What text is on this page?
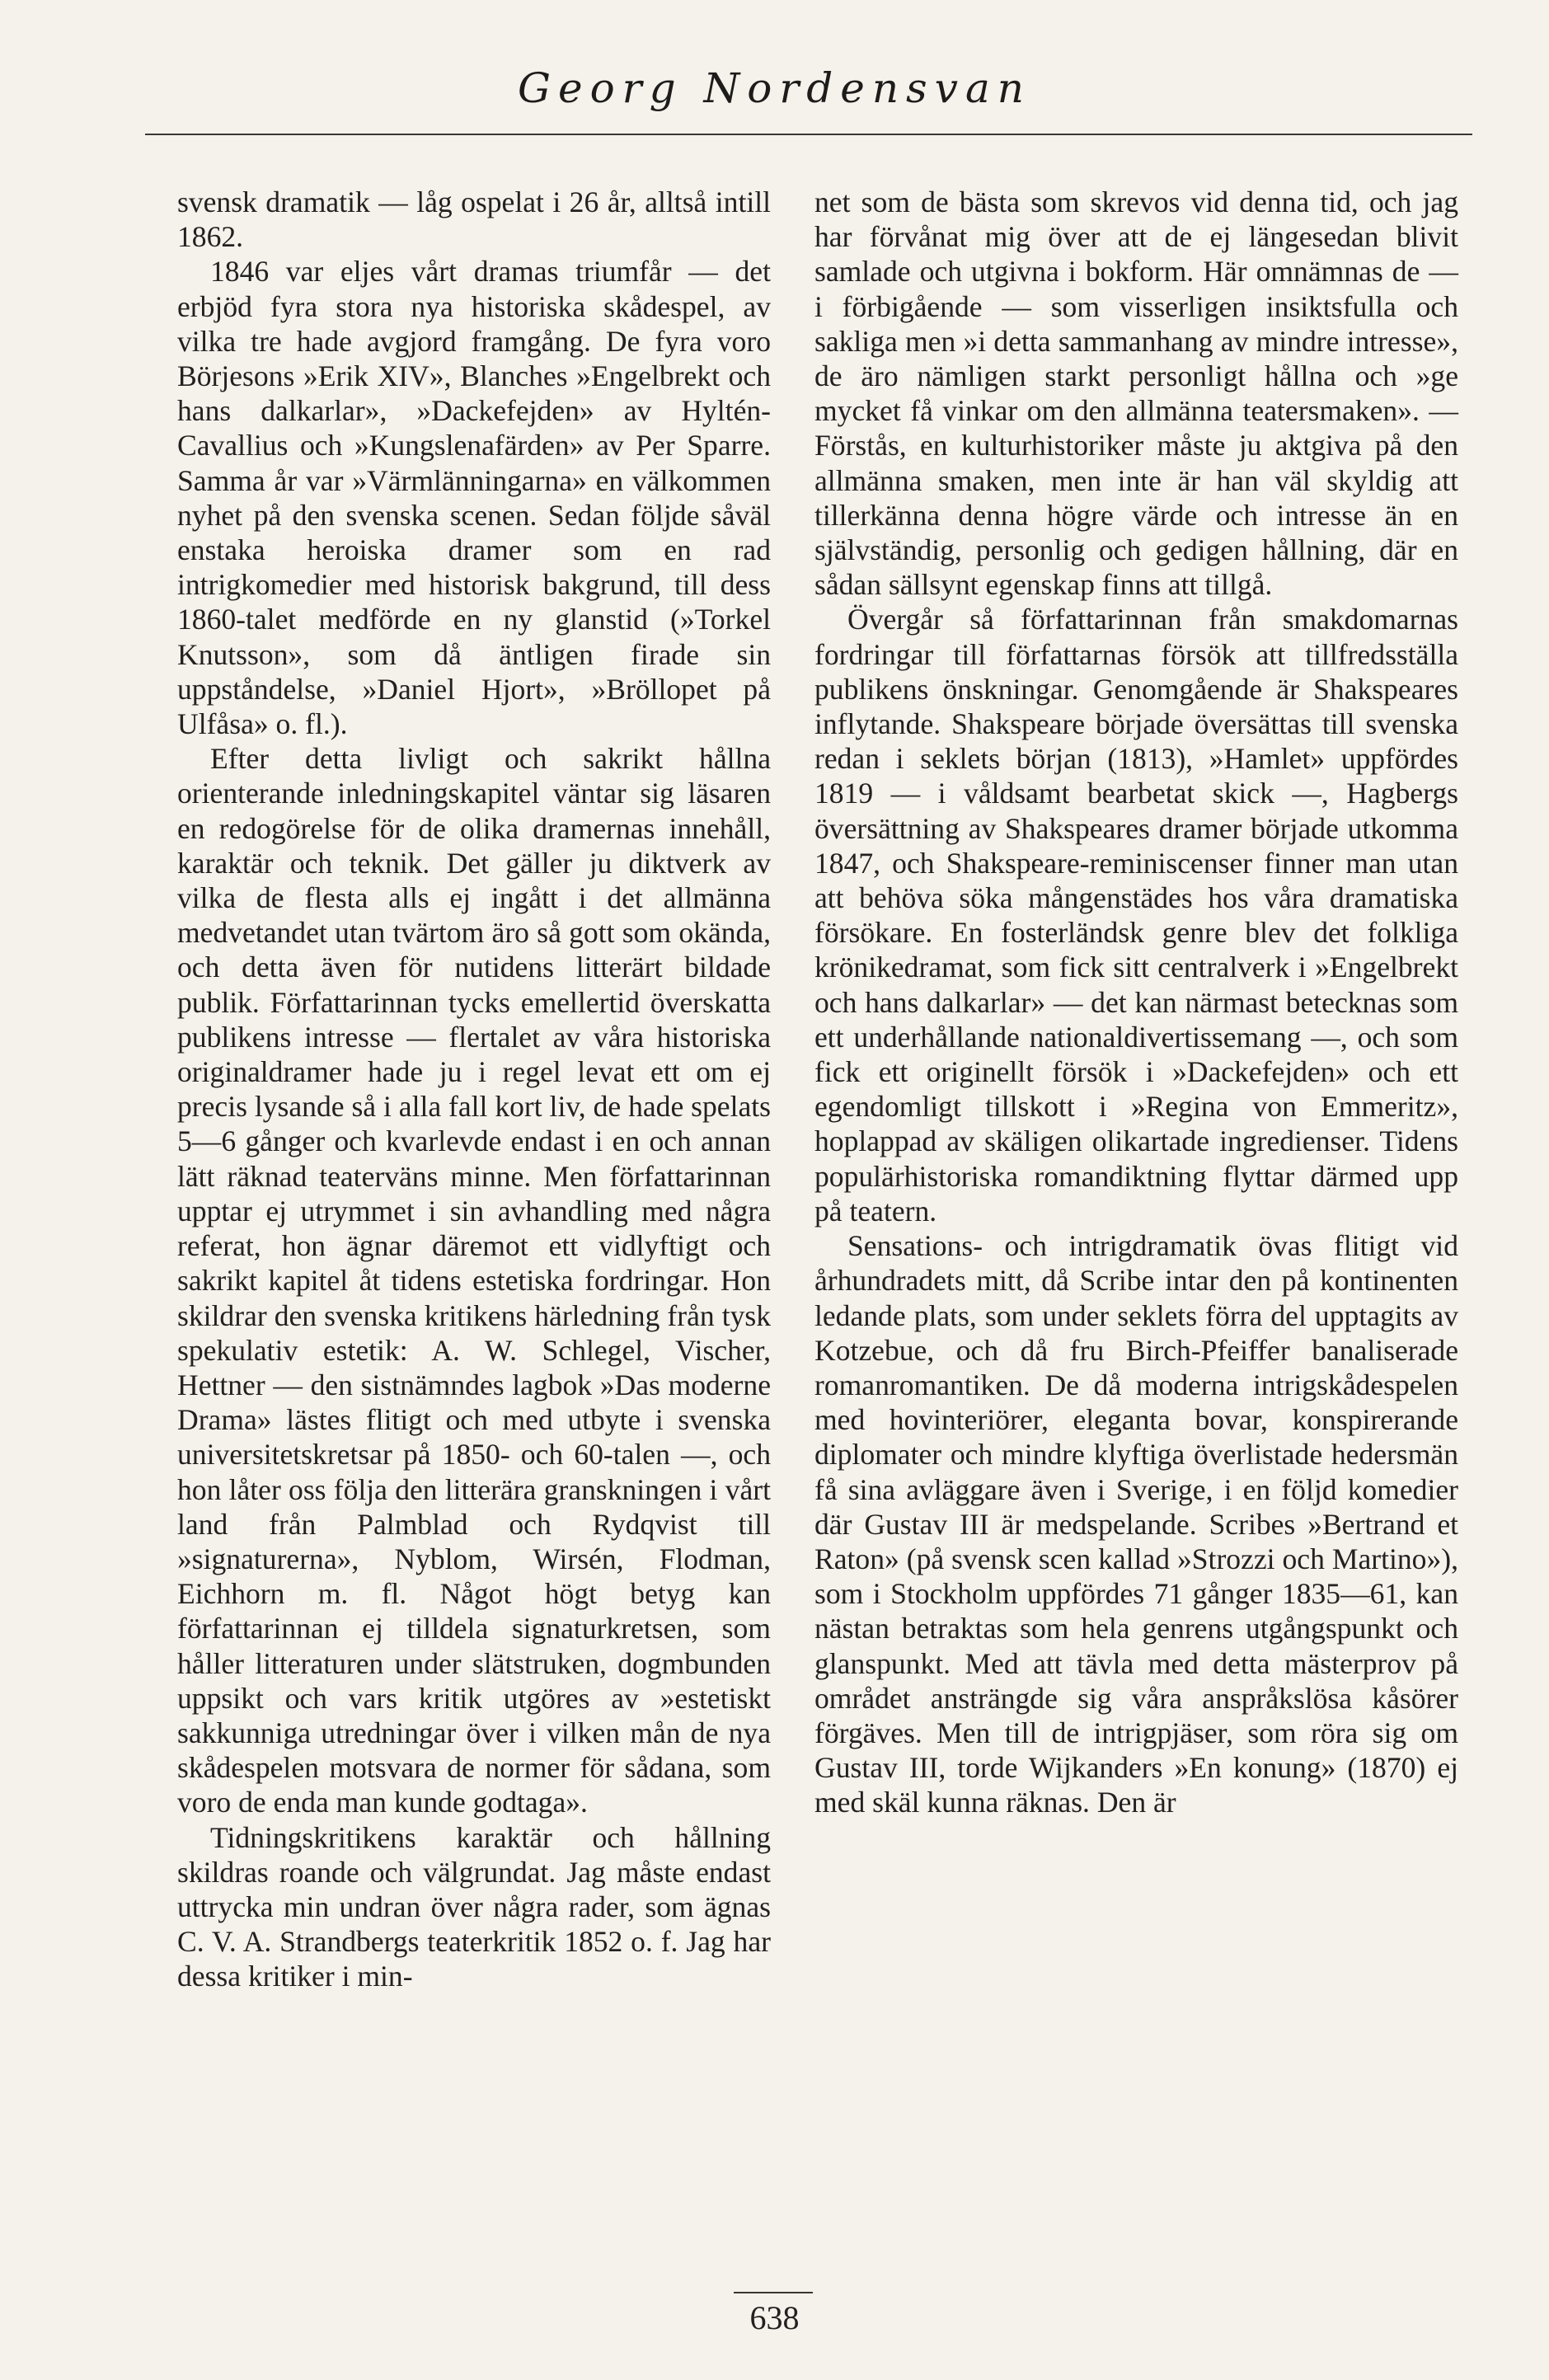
Georg Nordensvan

svensk dramatik — låg ospelat i 26 år, alltså intill 1862.

1846 var eljes vårt dramas triumfår — det erbjöd fyra stora nya historiska skådespel, av vilka tre hade avgjord framgång. De fyra voro Börjesons »Erik XIV», Blanches »Engelbrekt och hans dalkarlar», »Dackefejden» av Hyltén-Cavallius och »Kungslenafärden» av Per Sparre. Samma år var »Värmlänningarna» en välkommen nyhet på den svenska scenen. Sedan följde såväl enstaka heroiska dramer som en rad intrigkomedier med historisk bakgrund, till dess 1860-talet medförde en ny glanstid (»Torkel Knutsson», som då äntligen firade sin uppståndelse, »Daniel Hjort», »Bröllopet på Ulfåsa» o. fl.).

Efter detta livligt och sakrikt hållna orienterande inledningskapitel väntar sig läsaren en redogörelse för de olika dramernas innehåll, karaktär och teknik. Det gäller ju diktverk av vilka de flesta alls ej ingått i det allmänna medvetandet utan tvärtom äro så gott som okända, och detta även för nutidens litterärt bildade publik. Författarinnan tycks emellertid överskatta publikens intresse — flertalet av våra historiska originaldramer hade ju i regel levat ett om ej precis lysande så i alla fall kort liv, de hade spelats 5—6 gånger och kvarlevde endast i en och annan lätt räknad teaterväns minne. Men författarinnan upptar ej utrymmet i sin avhandling med några referat, hon ägnar däremot ett vidlyftigt och sakrikt kapitel åt tidens estetiska fordringar. Hon skildrar den svenska kritikens härledning från tysk spekulativ estetik: A. W. Schlegel, Vischer, Hettner — den sistnämndes lagbok »Das moderne Drama» lästes flitigt och med utbyte i svenska universitetskretsar på 1850- och 60-talen —, och hon låter oss följa den litterära granskningen i vårt land från Palmblad och Rydqvist till »signaturerna», Nyblom, Wirsén, Flodman, Eichhorn m. fl. Något högt betyg kan författarinnan ej tilldela signaturkretsen, som håller litteraturen under slätstruken, dogmbunden uppsikt och vars kritik utgöres av »estetiskt sakkunniga utredningar över i vilken mån de nya skådespelen motsvara de normer för sådana, som voro de enda man kunde godtaga».

Tidningskritikens karaktär och hållning skildras roande och välgrundat. Jag måste endast uttrycka min undran över några rader, som ägnas C. V. A. Strandbergs teaterkritik 1852 o. f. Jag har dessa kritiker i min-

net som de bästa som skrevos vid denna tid, och jag har förvånat mig över att de ej längesedan blivit samlade och utgivna i bokform. Här omnämnas de — i förbigående — som visserligen insiktsfulla och sakliga men »i detta sammanhang av mindre intresse», de äro nämligen starkt personligt hållna och »ge mycket få vinkar om den allmänna teatersmaken». — Förstås, en kulturhistoriker måste ju aktgiva på den allmänna smaken, men inte är han väl skyldig att tillerkänna denna högre värde och intresse än en självständig, personlig och gedigen hållning, där en sådan sällsynt egenskap finns att tillgå.

Övergår så författarinnan från smakdomarnas fordringar till författarnas försök att tillfredsställa publikens önskningar. Genomgående är Shakspeares inflytande. Shakspeare började översättas till svenska redan i seklets början (1813), »Hamlet» uppfördes 1819 — i våldsamt bearbetat skick —, Hagbergs översättning av Shakspeares dramer började utkomma 1847, och Shakspeare-reminiscenser finner man utan att behöva söka mångenstädes hos våra dramatiska försökare. En fosterländsk genre blev det folkliga krönikedramat, som fick sitt centralverk i »Engelbrekt och hans dalkarlar» — det kan närmast betecknas som ett underhållande nationaldivertissemang —, och som fick ett originellt försök i »Dackefejden» och ett egendomligt tillskott i »Regina von Emmeritz», hoplappad av skäligen olikartade ingredienser. Tidens populärhistoriska romandiktning flyttar därmed upp på teatern.

Sensations- och intrigdramatik övas flitigt vid århundradets mitt, då Scribe intar den på kontinenten ledande plats, som under seklets förra del upptagits av Kotzebue, och då fru Birch-Pfeiffer banaliserade romanromantiken. De då moderna intrigskådespelen med hovinteriörer, eleganta bovar, konspirerande diplomater och mindre klyftiga överlistade hedersmän få sina avläggare även i Sverige, i en följd komedier där Gustav III är medspelande. Scribes »Bertrand et Raton» (på svensk scen kallad »Strozzi och Martino»), som i Stockholm uppfördes 71 gånger 1835—61, kan nästan betraktas som hela genrens utgångspunkt och glanspunkt. Med att tävla med detta mästerprov på området ansträngde sig våra anspråkslösa kåsörer förgäves. Men till de intrigpjäser, som röra sig om Gustav III, torde Wijkanders »En konung» (1870) ej med skäl kunna räknas. Den är

638
